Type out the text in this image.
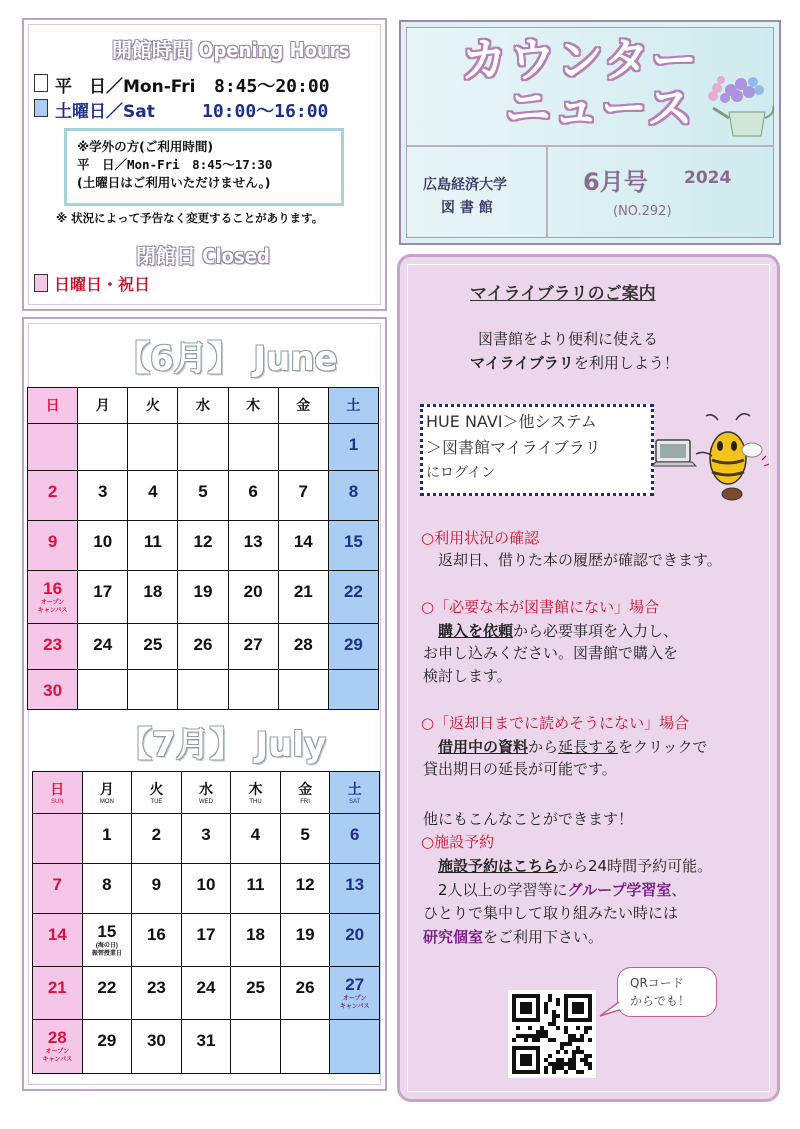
開館時間 Opening Hours
平　日／Mon-Fri 8:45～20:00
土曜日／Sat	10:00～16:00
※学外の方(ご利用時間)
平　日／Mon-Fri　8:45～17:30
(土曜日はご利用いただけません。)
※ 状況によって予告なく変更することがあります。
閉館日 Closed
日曜日・祝日
カウンター
ニュース
広島経済大学
図 書 館
6月号 2024
(NO.292)
【6月】 June
【7月】 July
日	月	火	水	木	金	土

						1

2	3	4	5	6	7	8

9	10	11	12	13	14	15

16
オープン
キャンパス	17	18	19	20	21	22

23	24	25	26	27	28	29

30						

日
SUN	月
MON	火
TUE	水
WED	木
THU	金
FRI	土
SAT

	1	2	3	4	5	6

7	8	9	10	11	12	13

14	15
(海の日)
振替授業日	16	17	18	19	20

21	22	23	24	25	26	27
オープン
キャンパス

28
オープン
キャンパス	29	30	31			

マイライブラリのご案内
図書館をより便利に使える
マイライブラリを利用しよう！
HUE NAVI＞他システム
＞図書館マイライブラリ
にログイン
○利用状況の確認
返却日、借りた本の履歴が確認できます。
○「必要な本が図書館にない」場合
購入を依頼から必要事項を入力し、
お申し込みください。図書館で購入を
検討します。
○「返却日までに読めそうにない」場合
借用中の資料から延長するをクリックで
貸出期日の延長が可能です。
他にもこんなことができます！
○施設予約
施設予約はこちらから24時間予約可能。
2人以上の学習等にグループ学習室、
ひとりで集中して取り組みたい時には
研究個室をご利用下さい。
QRコード
からでも！
